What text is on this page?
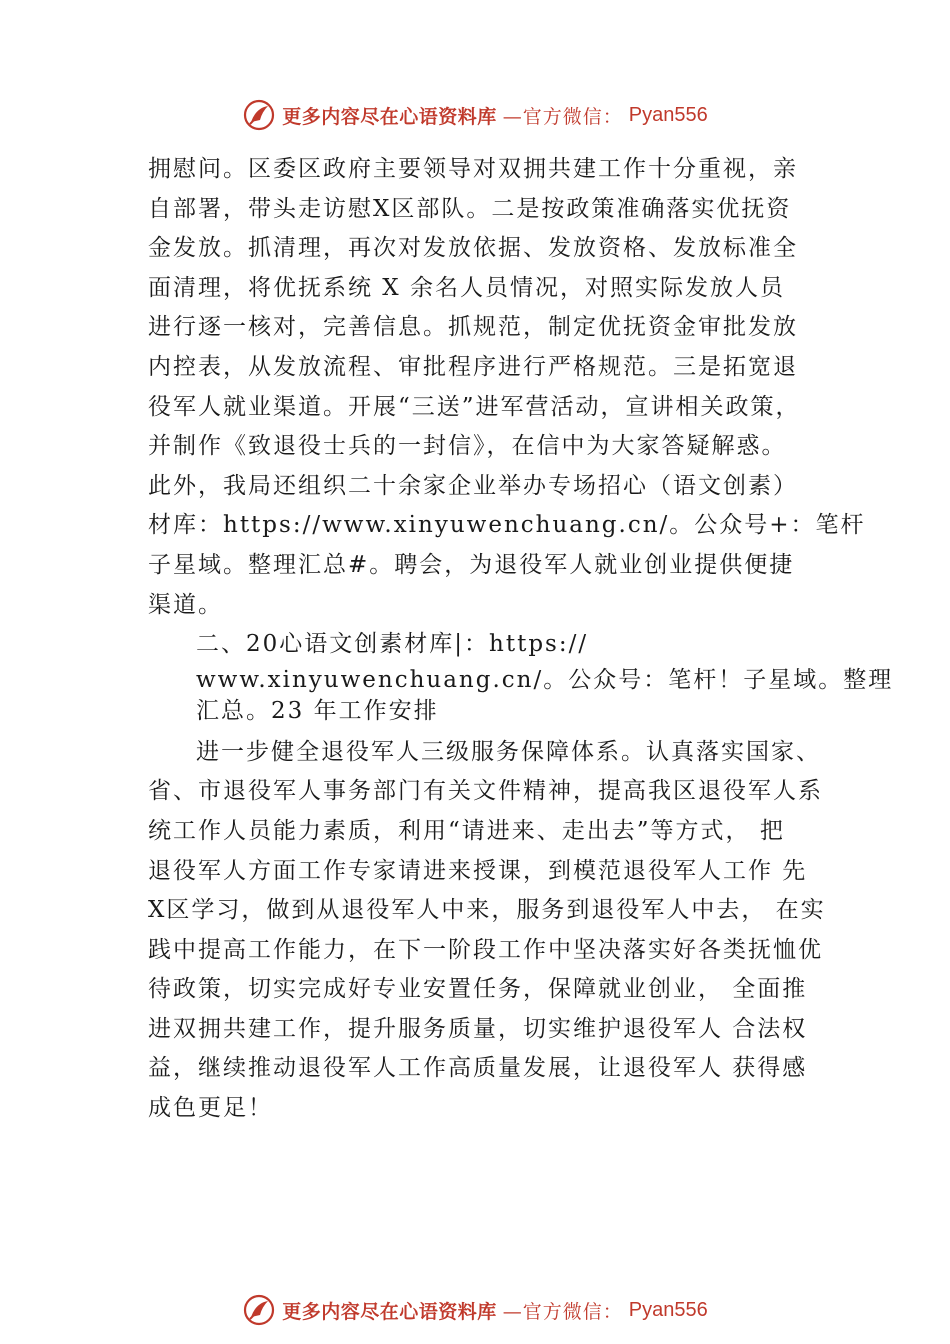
更多内容尽在心语资料库 —官方微信： Pyan556
拥慰问。区委区政府主要领导对双拥共建工作十分重视，亲
自部署，带头走访慰X区部队。二是按政策准确落实优抚资
金发放。抓清理，再次对发放依据、发放资格、发放标准全
面清理，将优抚系统 X 余名人员情况，对照实际发放人员
进行逐一核对，完善信息。抓规范，制定优抚资金审批发放
内控表，从发放流程、审批程序进行严格规范。三是拓宽退
役军人就业渠道。开展“三送”进军营活动，宣讲相关政策，
并制作《致退役士兵的一封信》，在信中为大家答疑解惑。
此外，我局还组织二十余家企业举办专场招心（语文创素）
材库：https://www.xinyuwenchuang.cn/。公众号+：笔杆
子星域。整理汇总#。聘会，为退役军人就业创业提供便捷
渠道。
二、20心语文创素材库|：https://
www.xinyuwenchuang.cn/。公众号：笔杆！子星域。整理
汇总。23 年工作安排
进一步健全退役军人三级服务保障体系。认真落实国家、
省、市退役军人事务部门有关文件精神，提高我区退役军人系
统工作人员能力素质，利用“请进来、走出去”等方式， 把
退役军人方面工作专家请进来授课，到模范退役军人工作 先
X区学习，做到从退役军人中来，服务到退役军人中去， 在实
践中提高工作能力，在下一阶段工作中坚决落实好各类抚恤优
待政策，切实完成好专业安置任务，保障就业创业， 全面推
进双拥共建工作，提升服务质量，切实维护退役军人 合法权
益，继续推动退役军人工作高质量发展，让退役军人 获得感
成色更足！
更多内容尽在心语资料库 —官方微信： Pyan556
